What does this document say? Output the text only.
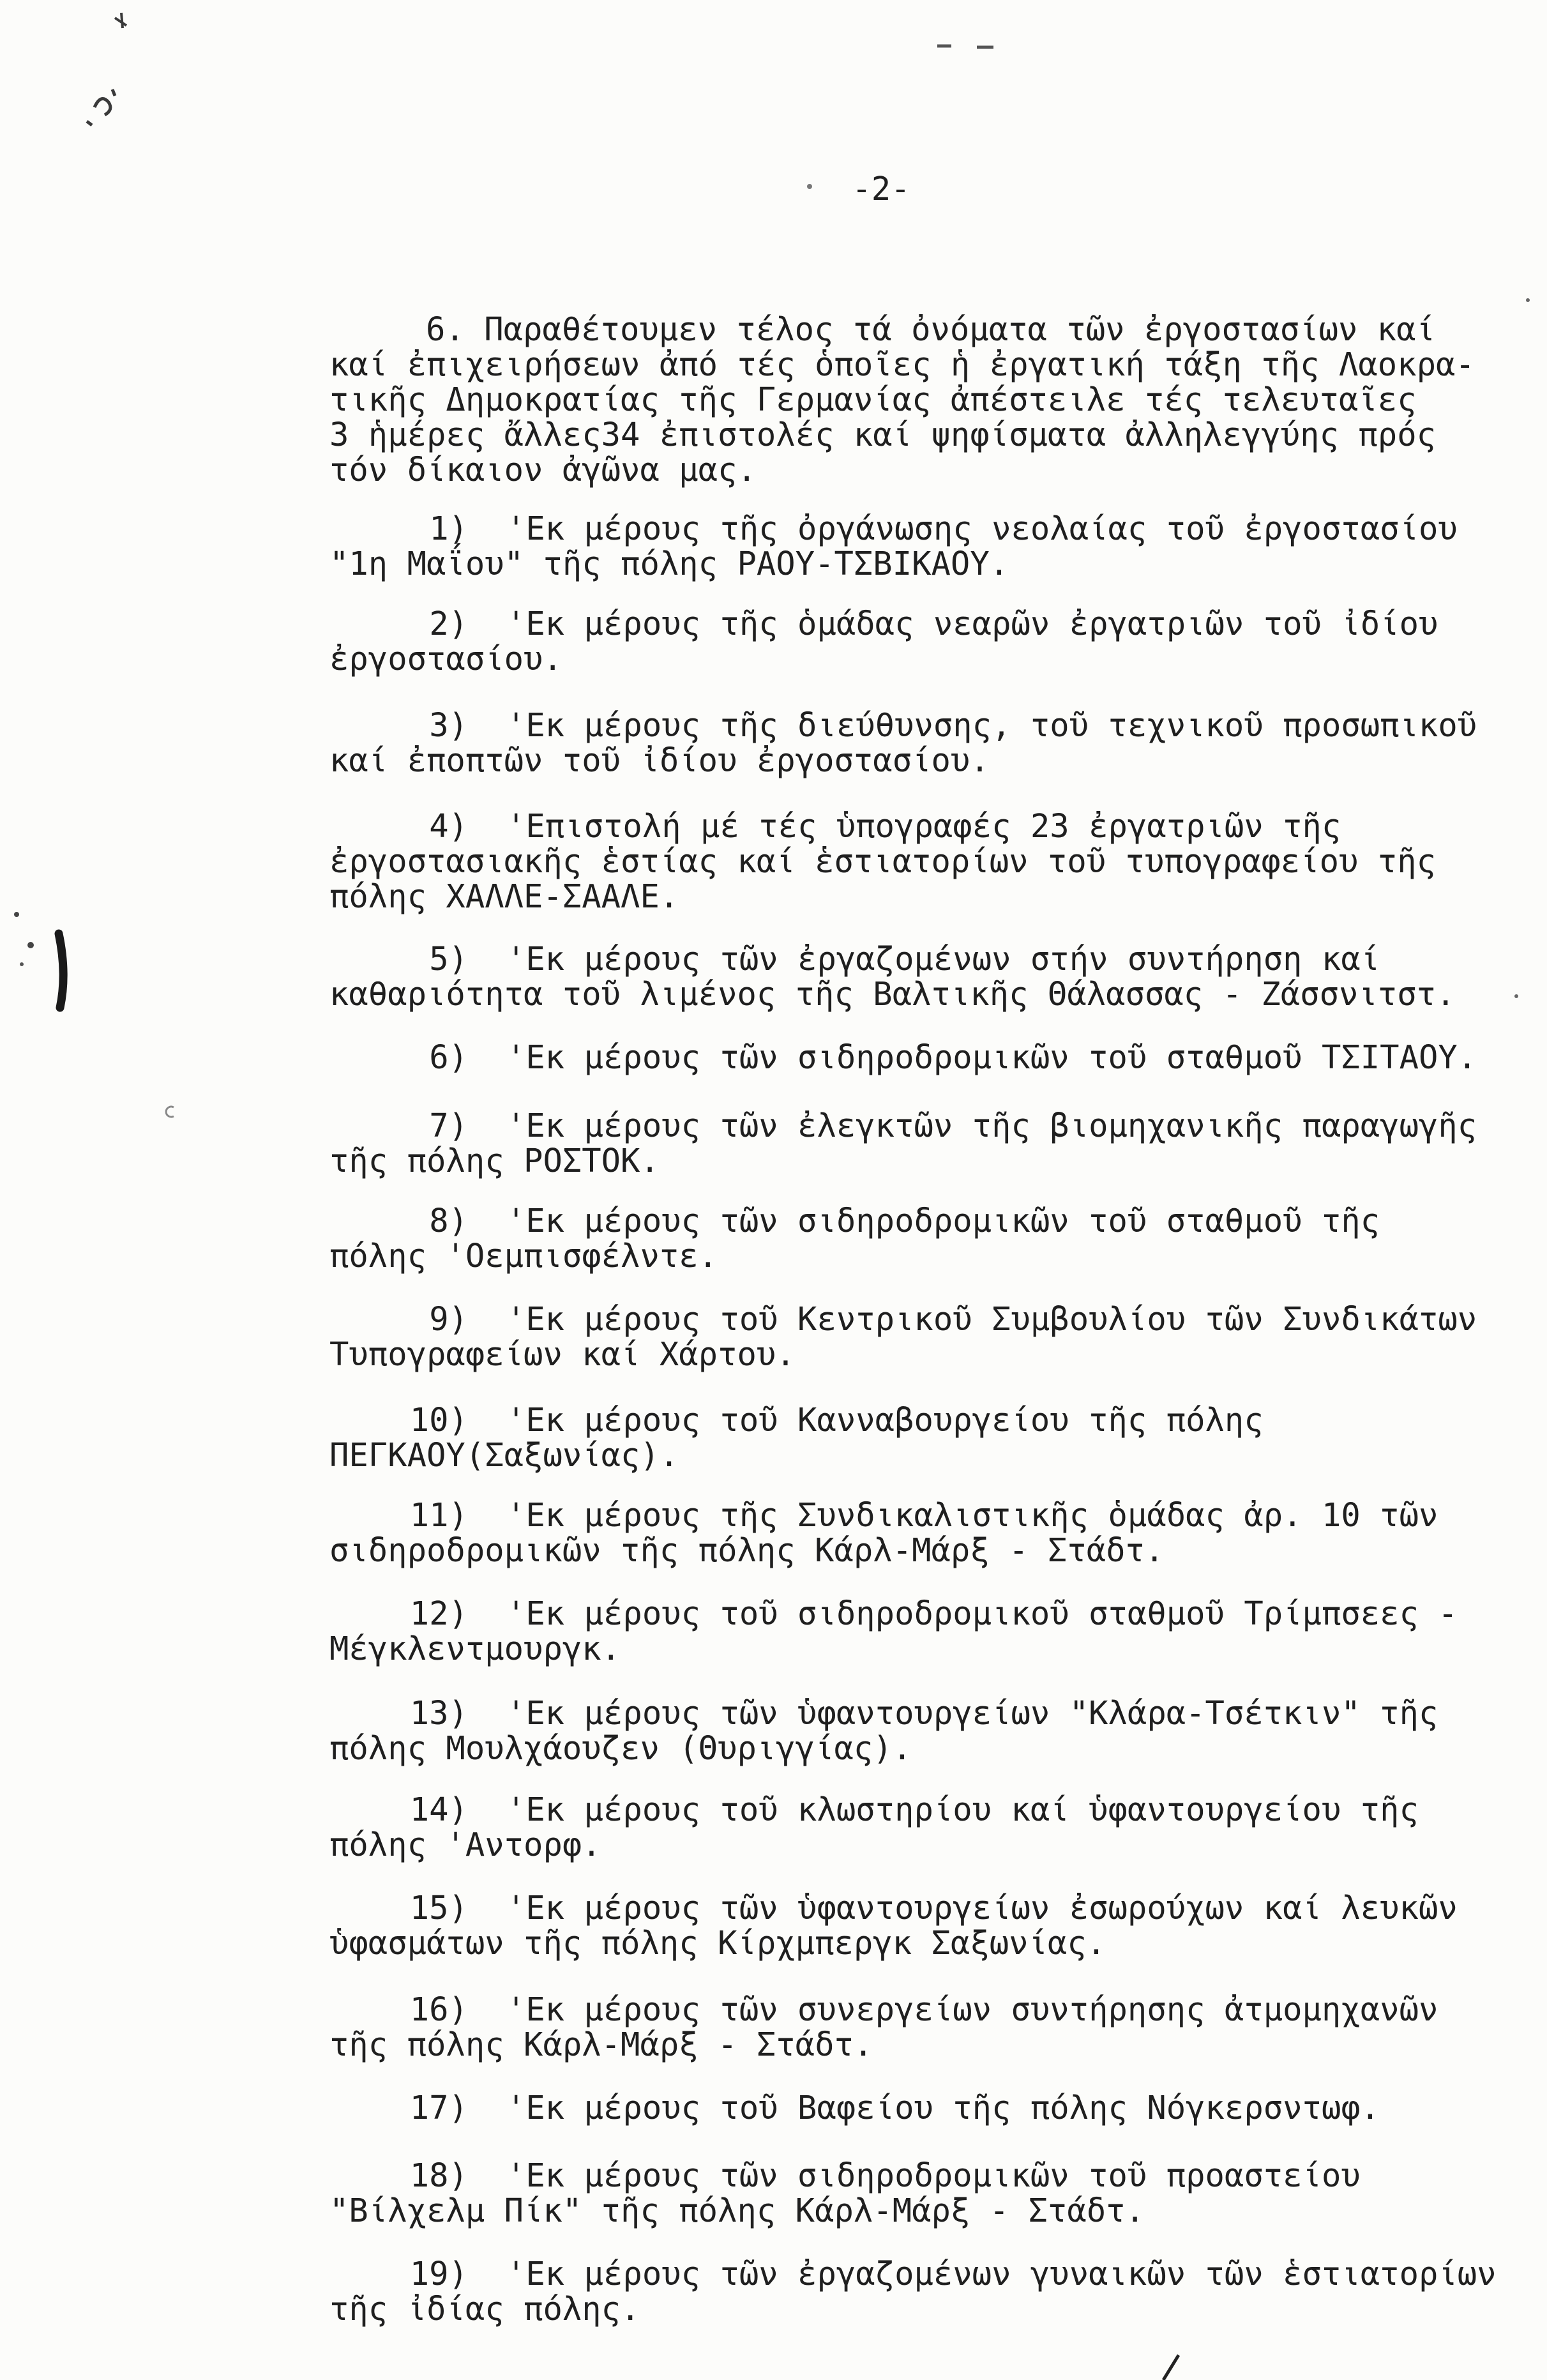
-2-
6. Παραθέτουμεν τέλος τά ὀνόματα τῶν ἐργοστασίων καί
καί ἐπιχειρήσεων ἀπό τές ὁποῖες ἡ ἐργατική τάξη τῆς Λαοκρα-
τικῆς Δημοκρατίας τῆς Γερμανίας ἀπέστειλε τές τελευταῖες
3 ἡμέρες ἄλλες34 ἐπιστολές καί ψηφίσματα ἀλληλεγγύης πρός
τόν δίκαιον ἀγῶνα μας.
1) 'Εκ μέρους τῆς ὀργάνωσης νεολαίας τοῦ ἐργοστασίου
"1η Μαΐου" τῆς πόλης ΡΑΟΥ-ΤΣΒΙΚΑΟΥ.
2) 'Εκ μέρους τῆς ὁμάδας νεαρῶν ἐργατριῶν τοῦ ἰδίου
ἐργοστασίου.
3) 'Εκ μέρους τῆς διεύθυνσης, τοῦ τεχνικοῦ προσωπικοῦ
καί ἐποπτῶν τοῦ ἰδίου ἐργοστασίου.
4) 'Επιστολή μέ τές ὑπογραφές 23 ἐργατριῶν τῆς
ἐργοστασιακῆς ἑστίας καί ἑστιατορίων τοῦ τυπογραφείου τῆς
πόλης ΧΑΛΛΕ-ΣΑΑΛΕ.
5) 'Εκ μέρους τῶν ἐργαζομένων στήν συντήρηση καί
καθαριότητα τοῦ λιμένος τῆς Βαλτικῆς Θάλασσας - Ζάσσνιτστ.
6) 'Εκ μέρους τῶν σιδηροδρομικῶν τοῦ σταθμοῦ ΤΣΙΤΑΟΥ.
7) 'Εκ μέρους τῶν ἐλεγκτῶν τῆς βιομηχανικῆς παραγωγῆς
τῆς πόλης ΡΟΣΤΟΚ.
8) 'Εκ μέρους τῶν σιδηροδρομικῶν τοῦ σταθμοῦ τῆς
πόλης 'Οεμπισφέλντε.
9) 'Εκ μέρους τοῦ Κεντρικοῦ Συμβουλίου τῶν Συνδικάτων
Τυπογραφείων καί Χάρτου.
10) 'Εκ μέρους τοῦ Κανναβουργείου τῆς πόλης
ΠΕΓΚΑΟΥ(Σαξωνίας).
11) 'Εκ μέρους τῆς Συνδικαλιστικῆς ὁμάδας ἀρ. 10 τῶν
σιδηροδρομικῶν τῆς πόλης Κάρλ-Μάρξ - Στάδτ.
12) 'Εκ μέρους τοῦ σιδηροδρομικοῦ σταθμοῦ Τρίμπσεες -
Μέγκλεντμουργκ.
13) 'Εκ μέρους τῶν ὑφαντουργείων "Κλάρα-Τσέτκιν" τῆς
πόλης Μουλχάουζεν (Θυριγγίας).
14) 'Εκ μέρους τοῦ κλωστηρίου καί ὑφαντουργείου τῆς
πόλης 'Αντορφ.
15) 'Εκ μέρους τῶν ὑφαντουργείων ἐσωρούχων καί λευκῶν
ὑφασμάτων τῆς πόλης Κίρχμπεργκ Σαξωνίας.
16) 'Εκ μέρους τῶν συνεργείων συντήρησης ἀτμομηχανῶν
τῆς πόλης Κάρλ-Μάρξ - Στάδτ.
17) 'Εκ μέρους τοῦ Βαφείου τῆς πόλης Νόγκερσντωφ.
18) 'Εκ μέρους τῶν σιδηροδρομικῶν τοῦ προαστείου
"Βίλχελμ Πίκ" τῆς πόλης Κάρλ-Μάρξ - Στάδτ.
19) 'Εκ μέρους τῶν ἐργαζομένων γυναικῶν τῶν ἑστιατορίων
τῆς ἰδίας πόλης.
